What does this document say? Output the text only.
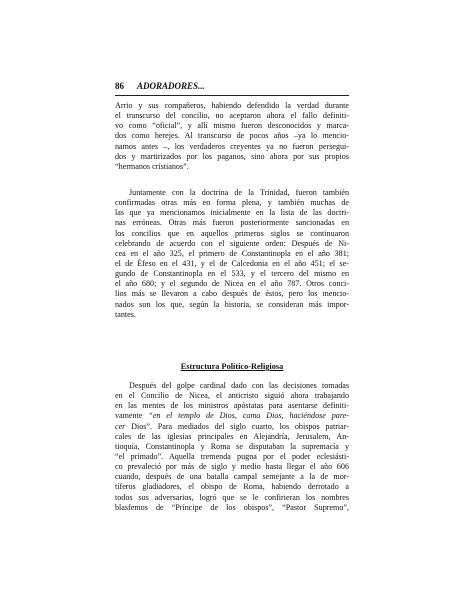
86 ADORADORES...
Arrio y sus compañeros, habiendo defendido la verdad durante
el transcurso del concilio, no aceptaron ahora el fallo definiti-
vo como “oficial”, y allí mismo fueron desconocidos y marca-
dos como herejes. Al transcurso de pocos años –ya lo mencio-
namos antes –, los verdaderos creyentes ya no fueron persegui-
dos y martirizados por los paganos, sino ahora por sus propios
“hermanos cristianos”.
Juntamente con la doctrina de la Trinidad, fueron también
confirmadas otras más en forma plena, y también muchas de
las que ya mencionamos inicialmente en la lista de las doctri-
nas erróneas. Otras más fueron posteriormente sancionadas en
los concilios que en aquellos primeros siglos se continuaron
celebrando de acuerdo con el siguiente orden: Después de Ni-
cea en el año 325, el primero de Constantinopla en el año 381;
el de Éfeso en el 431, y el de Calcedonia en el año 451; el se-
gundo de Constantinopla en el 533, y el tercero del mismo en
el año 680; y el segundo de Nicea en el año 787. Otros conci-
lios más se llevaron a cabo después de éstos, pero los mencio-
nados son los que, según la historia, se consideran más impor-
tantes.
Estructura Político-Religiosa
Después del golpe cardinal dado con las decisiones tomadas
en el Concilio de Nicea, el anticristo siguió ahora trabajando
en las mentes de los ministros apóstatas para asentarse definiti-
vamente “en el templo de Dios, como Dios, haciéndose pare-
cer Dios”. Para mediados del siglo cuarto, los obispos patriar-
cales de las iglesias principales en Alejandría, Jerusalem, An-
tioquía, Constantinopla y Roma se disputaban la supremacía y
“el primado”. Aquella tremenda pugna por el poder eclesiásti-
co prevaleció por más de siglo y medio hasta llegar el año 606
cuando, después de una batalla campal semejante a la de mor-
tíferos gladiadores, el obispo de Roma, habiendo derrotado a
todos sus adversarios, logró que se le confirieran los nombres
blasfemos de “Príncipe de los obispos”, “Pastor Supremo”,
